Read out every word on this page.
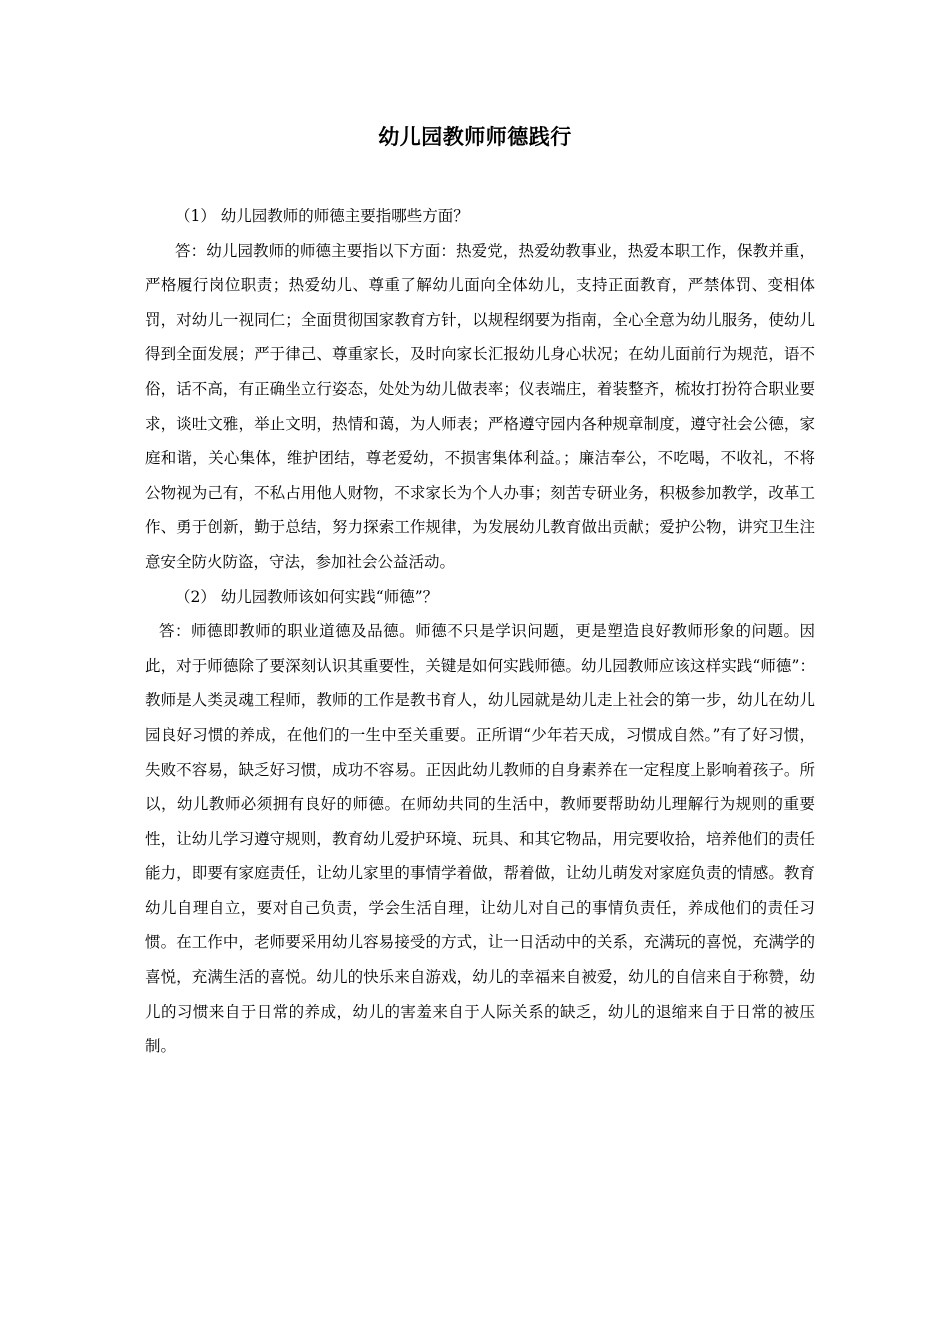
幼儿园教师师德践行

（1） 幼儿园教师的师德主要指哪些方面？

答：幼儿园教师的师德主要指以下方面：热爱党，热爱幼教事业，热爱本职工作，保教并重，严格履行岗位职责；热爱幼儿、尊重了解幼儿面向全体幼儿，支持正面教育，严禁体罚、变相体罚，对幼儿一视同仁；全面贯彻国家教育方针，以规程纲要为指南，全心全意为幼儿服务，使幼儿得到全面发展；严于律己、尊重家长，及时向家长汇报幼儿身心状况；在幼儿面前行为规范，语不俗，话不高，有正确坐立行姿态，处处为幼儿做表率；仪表端庄，着装整齐，梳妆打扮符合职业要求，谈吐文雅，举止文明，热情和蔼，为人师表；严格遵守园内各种规章制度，遵守社会公德，家庭和谐，关心集体，维护团结，尊老爱幼，不损害集体利益。；廉洁奉公，不吃喝，不收礼，不将公物视为己有，不私占用他人财物，不求家长为个人办事；刻苦专研业务，积极参加教学，改革工作、勇于创新，勤于总结，努力探索工作规律，为发展幼儿教育做出贡献；爱护公物，讲究卫生注意安全防火防盗，守法，参加社会公益活动。

（2） 幼儿园教师该如何实践“师德”？

答：师德即教师的职业道德及品德。师德不只是学识问题，更是塑造良好教师形象的问题。因此，对于师德除了要深刻认识其重要性，关键是如何实践师德。幼儿园教师应该这样实践“师德”：教师是人类灵魂工程师，教师的工作是教书育人，幼儿园就是幼儿走上社会的第一步，幼儿在幼儿园良好习惯的养成，在他们的一生中至关重要。正所谓“少年若天成，习惯成自然。”有了好习惯，失败不容易，缺乏好习惯，成功不容易。正因此幼儿教师的自身素养在一定程度上影响着孩子。所以，幼儿教师必须拥有良好的师德。在师幼共同的生活中，教师要帮助幼儿理解行为规则的重要性，让幼儿学习遵守规则，教育幼儿爱护环境、玩具、和其它物品，用完要收拾，培养他们的责任能力，即要有家庭责任，让幼儿家里的事情学着做，帮着做，让幼儿萌发对家庭负责的情感。教育幼儿自理自立，要对自己负责，学会生活自理，让幼儿对自己的事情负责任，养成他们的责任习惯。在工作中，老师要采用幼儿容易接受的方式，让一日活动中的关系，充满玩的喜悦，充满学的喜悦，充满生活的喜悦。幼儿的快乐来自游戏，幼儿的幸福来自被爱，幼儿的自信来自于称赞，幼儿的习惯来自于日常的养成，幼儿的害羞来自于人际关系的缺乏，幼儿的退缩来自于日常的被压制。
